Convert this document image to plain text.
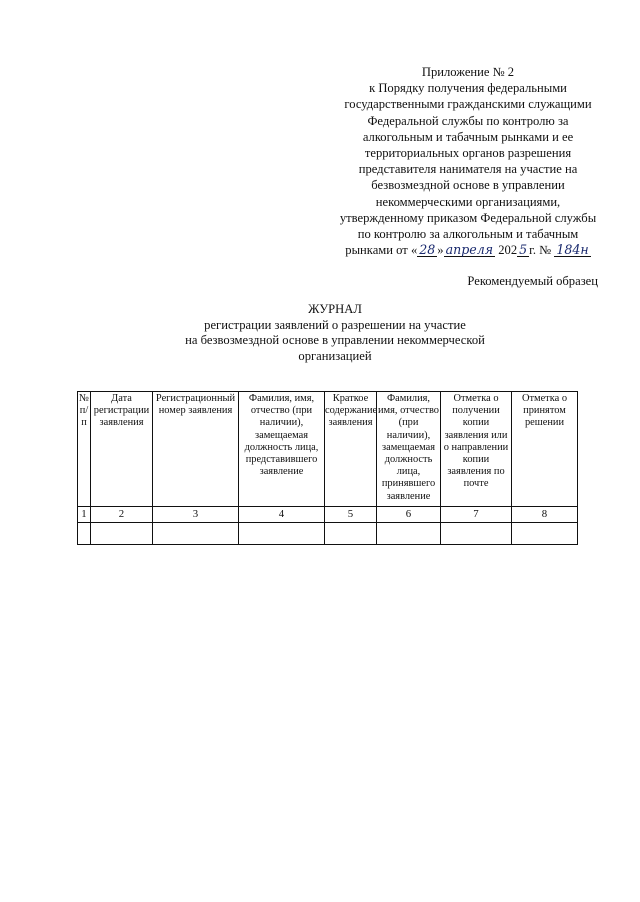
Приложение № 2
к Порядку получения федеральными
государственными гражданскими служащими
Федеральной службы по контролю за
алкогольным и табачным рынками и ее
территориальных органов разрешения
представителя нанимателя на участие на
безвозмездной основе в управлении
некоммерческими организациями,
утвержденному приказом Федеральной службы
по контролю за алкогольным и табачным
рынками от « 28 » апреля 202 5 г. № 184н
Рекомендуемый образец
ЖУРНАЛ
регистрации заявлений о разрешении на участие
на безвозмездной основе в управлении некоммерческой
организацией
№ п/п	Дата регистрации заявления	Регистрационный номер заявления	Фамилия, имя, отчество (при наличии), замещаемая должность лица, представившего заявление	Краткое содержание заявления	Фамилия, имя, отчество (при наличии), замещаемая должность лица, принявшего заявление	Отметка о получении копии заявления или о направлении копии заявления по почте	Отметка о принятом решении
1	2	3	4	5	6	7	8
